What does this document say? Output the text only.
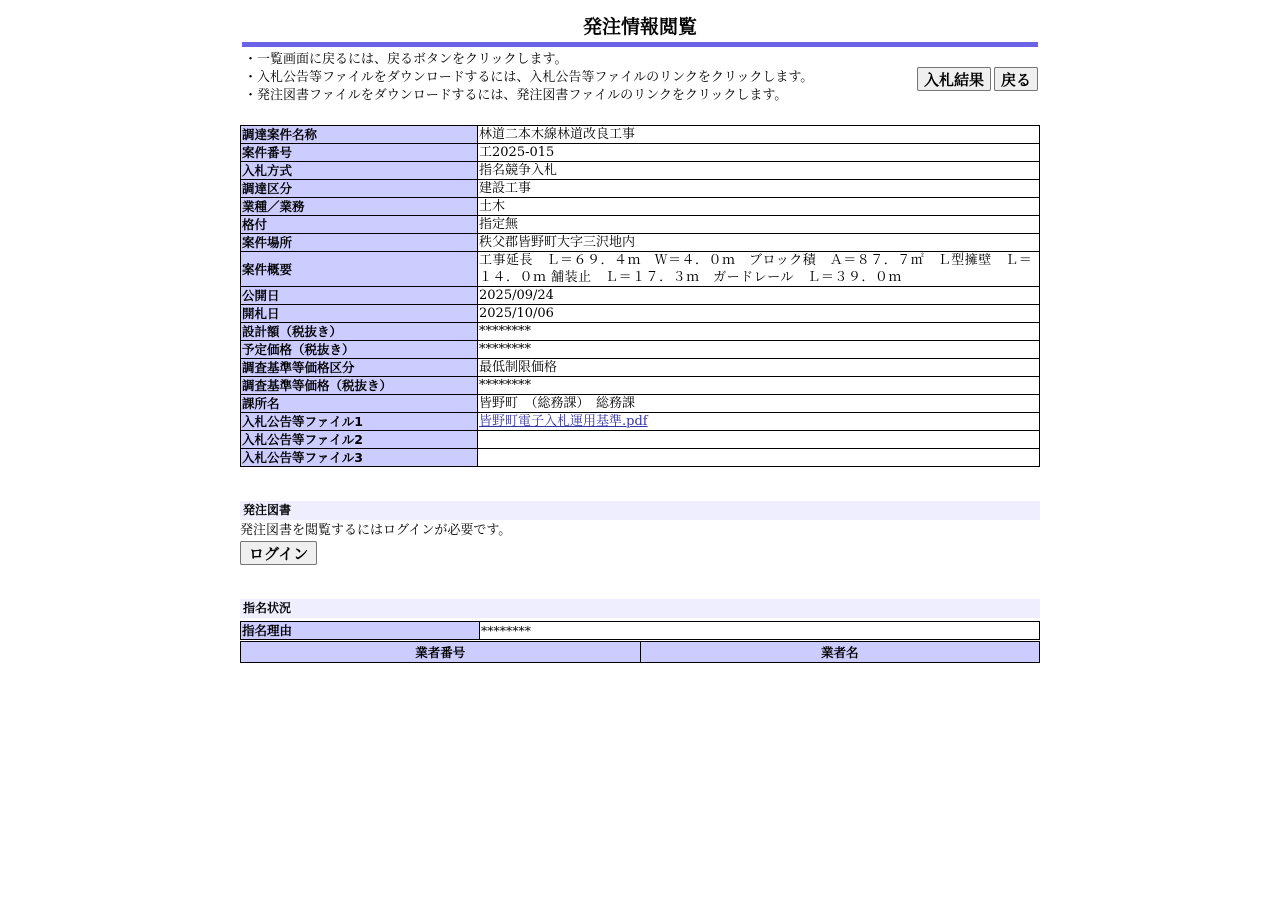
発注情報閲覧
・ 一覧画面に戻るには、戻るボタンをクリックします。
・ 入札公告等ファイルをダウンロードするには、入札公告等ファイルのリンクをクリックします。
・ 発注図書ファイルをダウンロードするには、発注図書ファイルのリンクをクリックします。
入札結果	戻る
調達案件名称	林道二本木線林道改良工事
案件番号	工2025-015
入札方式	指名競争入札
調達区分	建設工事
業種／業務	土木
格付	指定無
案件場所	秩父郡皆野町大字三沢地内
案件概要	工事延長　Ｌ＝６９．４ｍ　Ｗ＝４．０ｍ　ブロック積　Ａ＝８７．７㎡　Ｌ型擁壁　Ｌ＝１４．０ｍ 舗装止　Ｌ＝１７．３ｍ　ガードレール　Ｌ＝３９．０ｍ
公開日	2025/09/24
開札日	2025/10/06
設計額（税抜き）	********
予定価格（税抜き）	********
調査基準等価格区分	最低制限価格
調査基準等価格（税抜き）	********
課所名	皆野町　（総務課）　総務課
入札公告等ファイル1	皆野町電子入札運用基準.pdf
入札公告等ファイル2	
入札公告等ファイル3	
発注図書
発注図書を閲覧するにはログインが必要です。
ログイン
指名状況
指名理由	********
業者番号	業者名
